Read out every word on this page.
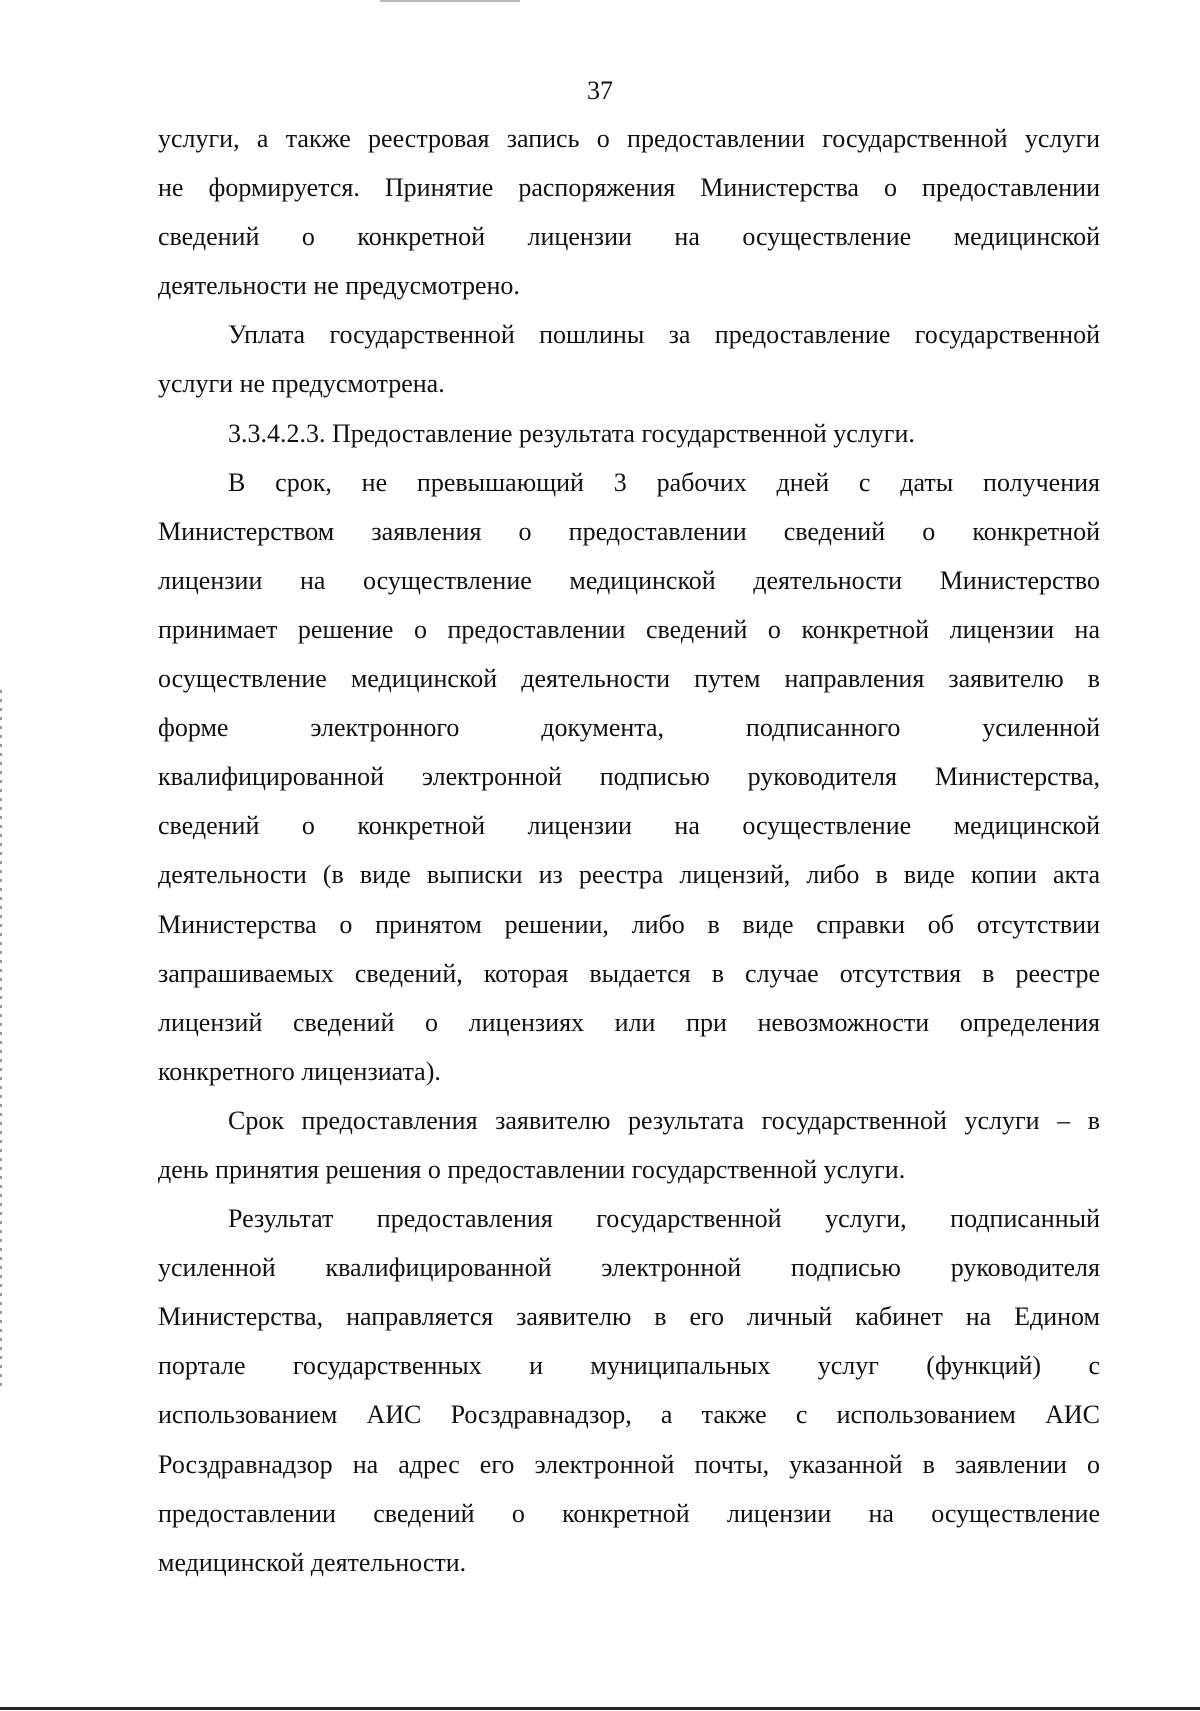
37

услуги, а также реестровая запись о предоставлении государственной услуги
не формируется. Принятие распоряжения Министерства о предоставлении
сведений о конкретной лицензии на осуществление медицинской
деятельности не предусмотрено.

Уплата государственной пошлины за предоставление государственной
услуги не предусмотрена.

3.3.4.2.3. Предоставление результата государственной услуги.

В срок, не превышающий 3 рабочих дней с даты получения
Министерством заявления о предоставлении сведений о конкретной
лицензии на осуществление медицинской деятельности Министерство
принимает решение о предоставлении сведений о конкретной лицензии на
осуществление медицинской деятельности путем направления заявителю в
форме электронного документа, подписанного усиленной
квалифицированной электронной подписью руководителя Министерства,
сведений о конкретной лицензии на осуществление медицинской
деятельности (в виде выписки из реестра лицензий, либо в виде копии акта
Министерства о принятом решении, либо в виде справки об отсутствии
запрашиваемых сведений, которая выдается в случае отсутствия в реестре
лицензий сведений о лицензиях или при невозможности определения
конкретного лицензиата).

Срок предоставления заявителю результата государственной услуги – в
день принятия решения о предоставлении государственной услуги.

Результат предоставления государственной услуги, подписанный
усиленной квалифицированной электронной подписью руководителя
Министерства, направляется заявителю в его личный кабинет на Едином
портале государственных и муниципальных услуг (функций) с
использованием АИС Росздравнадзор, а также с использованием АИС
Росздравнадзор на адрес его электронной почты, указанной в заявлении о
предоставлении сведений о конкретной лицензии на осуществление
медицинской деятельности.
